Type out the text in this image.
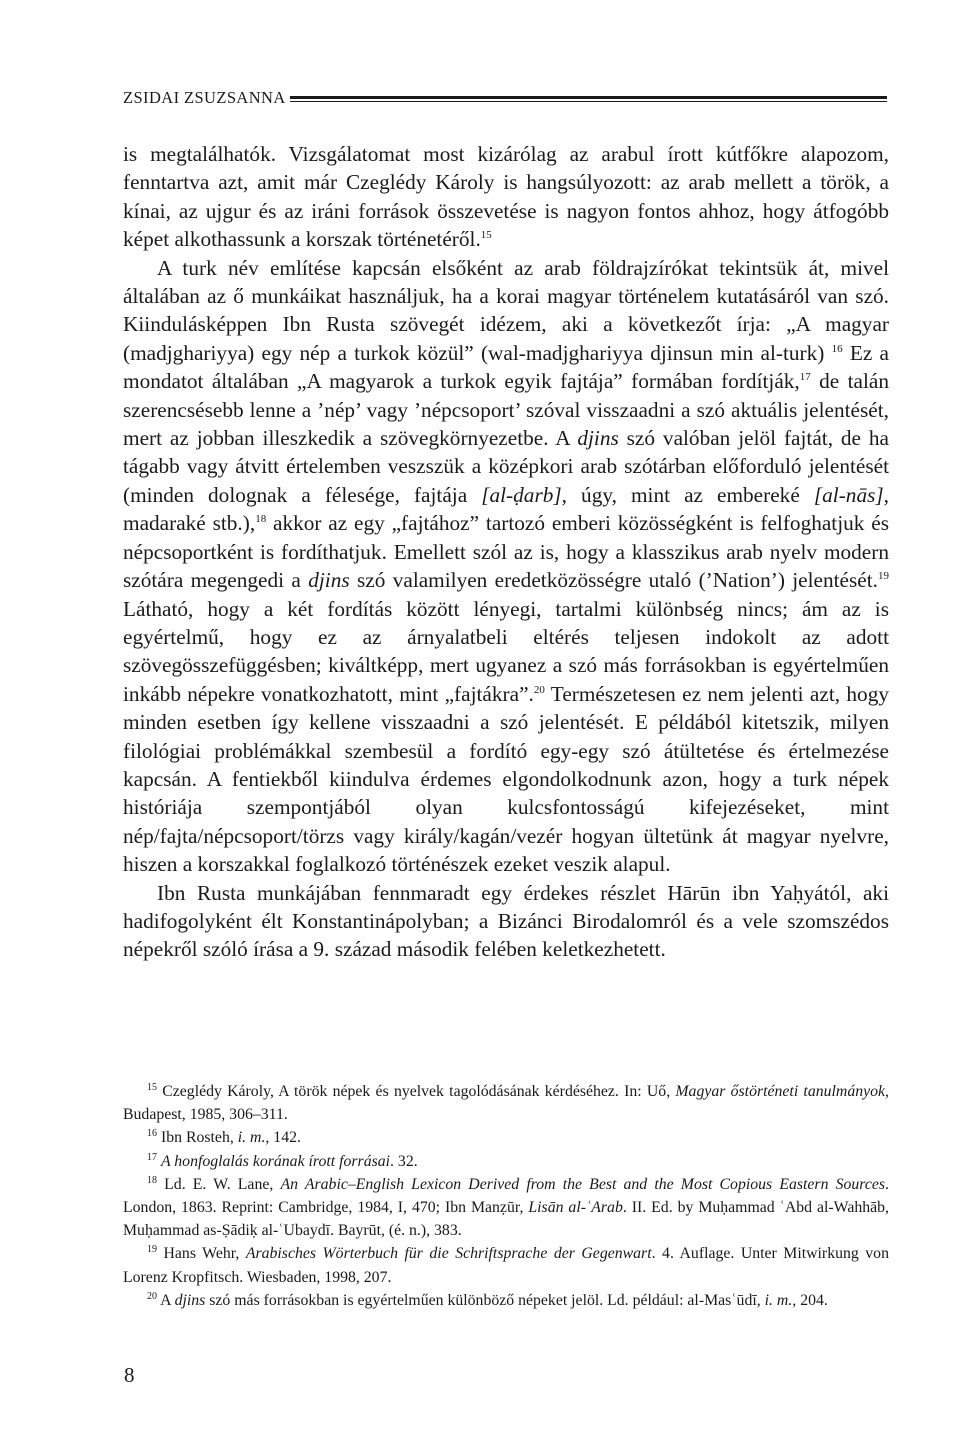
ZSIDAI ZSUZSANNA

is megtalálhatók. Vizsgálatomat most kizárólag az arabul írott kútfőkre alapozom, fenntartva azt, amit már Czeglédy Károly is hangsúlyozott: az arab mellett a török, a kínai, az ujgur és az iráni források összevetése is nagyon fontos ahhoz, hogy átfogóbb képet alkothassunk a korszak történetéről.$^{15}$

A turk név említése kapcsán elsőként az arab földrajzírókat tekintsük át, mivel általában az ő munkáikat használjuk, ha a korai magyar történelem kutatásáról van szó. Kiindulásképpen Ibn Rusta szövegét idézem, aki a következőt írja: „A magyar (madjghariyya) egy nép a turkok közül” (wal-madjghariyya djinsun min al-turk) $^{16}$ Ez a mondatot általában „A magyarok a turkok egyik fajtája” formában fordítják,$^{17}$ de talán szerencsésebb lenne a ’nép’ vagy ’népcsoport’ szóval visszaadni a szó aktuális jelentését, mert az jobban illeszkedik a szövegkörnyezetbe. A djins szó valóban jelöl fajtát, de ha tágabb vagy átvitt értelemben veszszük a középkori arab szótárban előforduló jelentését (minden dolognak a félesége, fajtája [al-ḍarb], úgy, mint az embereké [al-nās], madaraké stb.),$^{18}$ akkor az egy „fajtához” tartozó emberi közösségként is felfoghatjuk és népcsoportként is fordíthatjuk. Emellett szól az is, hogy a klasszikus arab nyelv modern szótára megengedi a djins szó valamilyen eredetközösségre utaló (’Nation’) jelentését.$^{19}$ Látható, hogy a két fordítás között lényegi, tartalmi különbség nincs; ám az is egyértelmű, hogy ez az árnyalatbeli eltérés teljesen indokolt az adott szövegösszefüggésben; kiváltképp, mert ugyanez a szó más forrásokban is egyértelműen inkább népekre vonatkozhatott, mint „fajtákra”.$^{20}$ Természetesen ez nem jelenti azt, hogy minden esetben így kellene visszaadni a szó jelentését. E példából kitetszik, milyen filológiai problémákkal szembesül a fordító egy-egy szó átültetése és értelmezése kapcsán. A fentiekből kiindulva érdemes elgondolkodnunk azon, hogy a turk népek históriája szempontjából olyan kulcsfontosságú kifejezéseket, mint nép/fajta/népcsoport/törzs vagy király/kagán/vezér hogyan ültetünk át magyar nyelvre, hiszen a korszakkal foglalkozó történészek ezeket veszik alapul.

Ibn Rusta munkájában fennmaradt egy érdekes részlet Hārūn ibn Yaḥyától, aki hadifogolyként élt Konstantinápolyban; a Bizánci Birodalomról és a vele szomszédos népekről szóló írása a 9. század második felében keletkezhetett.

$^{15}$ Czeglédy Károly, A török népek és nyelvek tagolódásának kérdéséhez. In: Uő, Magyar őstörténeti tanulmányok, Budapest, 1985, 306–311.

$^{16}$ Ibn Rosteh, i. m., 142.

$^{17}$ A honfoglalás korának írott forrásai. 32.

$^{18}$ Ld. E. W. Lane, An Arabic–English Lexicon Derived from the Best and the Most Copious Eastern Sources. London, 1863. Reprint: Cambridge, 1984, I, 470; Ibn Manẓūr, Lisān al-ʿArab. II. Ed. by Muḥammad ʿAbd al-Wahhāb, Muḥammad as-Ṣādiḳ al-ʿUbaydī. Bayrūt, (é. n.), 383.

$^{19}$ Hans Wehr, Arabisches Wörterbuch für die Schriftsprache der Gegenwart. 4. Auflage. Unter Mitwirkung von Lorenz Kropfitsch. Wiesbaden, 1998, 207.

$^{20}$ A djins szó más forrásokban is egyértelműen különböző népeket jelöl. Ld. például: al-Masʿūdī, i. m., 204.

8
